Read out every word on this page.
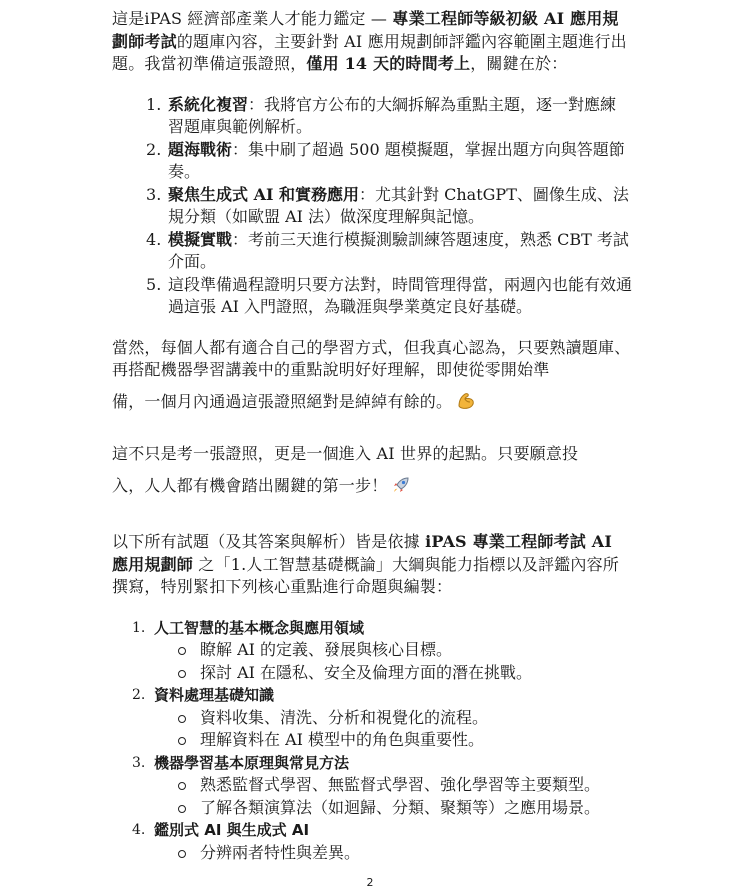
這是iPAS 經濟部產業人才能力鑑定 — 專業工程師等級初級 AI 應用規劃師考試的題庫內容，主要針對 AI 應用規劃師評鑑內容範圍主題進行出題。我當初準備這張證照，僅用 14 天的時間考上，關鍵在於：

系統化複習：我將官方公布的大綱拆解為重點主題，逐一對應練習題庫與範例解析。
題海戰術：集中刷了超過 500 題模擬題，掌握出題方向與答題節奏。
聚焦生成式 AI 和實務應用：尤其針對 ChatGPT、圖像生成、法規分類（如歐盟 AI 法）做深度理解與記憶。
模擬實戰：考前三天進行模擬測驗訓練答題速度，熟悉 CBT 考試介面。
這段準備過程證明只要方法對，時間管理得當，兩週內也能有效通過這張 AI 入門證照，為職涯與學業奠定良好基礎。

當然，每個人都有適合自己的學習方式，但我真心認為，只要熟讀題庫、再搭配機器學習講義中的重點說明好好理解，即使從零開始準

備，一個月內通過這張證照絕對是綽綽有餘的。

這不只是考一張證照，更是一個進入 AI 世界的起點。只要願意投

入，人人都有機會踏出關鍵的第一步！

以下所有試題（及其答案與解析）皆是依據 iPAS 專業工程師考試 AI 應用規劃師 之「1.人工智慧基礎概論」大綱與能力指標以及評鑑內容所撰寫，特別緊扣下列核心重點進行命題與編製：

1. 人工智慧的基本概念與應用領域
瞭解 AI 的定義、發展與核心目標。
探討 AI 在隱私、安全及倫理方面的潛在挑戰。
2. 資料處理基礎知識
資料收集、清洗、分析和視覺化的流程。
理解資料在 AI 模型中的角色與重要性。
3. 機器學習基本原理與常見方法
熟悉監督式學習、無監督式學習、強化學習等主要類型。
了解各類演算法（如迴歸、分類、聚類等）之應用場景。
4. 鑑別式 AI 與生成式 AI
分辨兩者特性與差異。
2
